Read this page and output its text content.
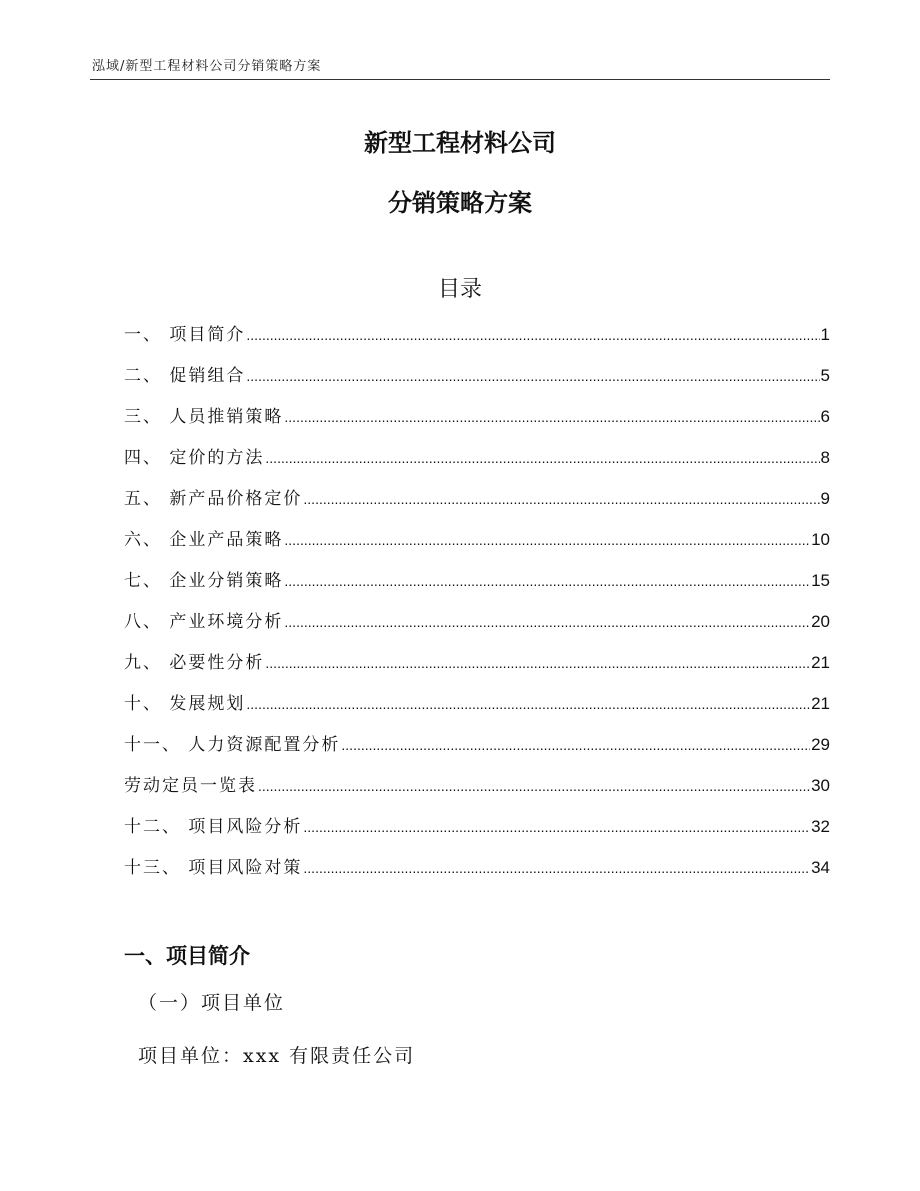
泓域/新型工程材料公司分销策略方案
新型工程材料公司
分销策略方案
目录
一、 项目简介 .....	1
二、 促销组合 .....	5
三、 人员推销策略 .....	6
四、 定价的方法 .....	8
五、 新产品价格定价 .....	9
六、 企业产品策略 .....	10
七、 企业分销策略 .....	15
八、 产业环境分析 .....	20
九、 必要性分析 .....	21
十、 发展规划 .....	21
十一、 人力资源配置分析 .....	29
劳动定员一览表 .....	30
十二、 项目风险分析 .....	32
十三、 项目风险对策 .....	34
一、项目简介
（一）项目单位
项目单位：xxx 有限责任公司
